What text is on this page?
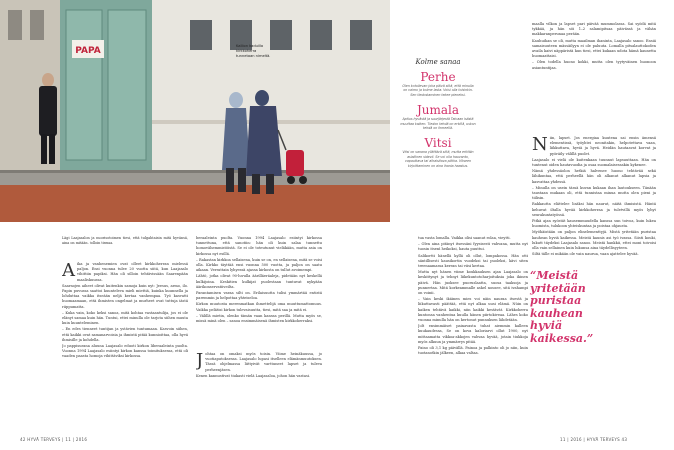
PAPA	Kallion kaduilla kirkkoherra tunnetaan nimeltä.
Lägi Laajasalon ja nuorisotoimen tiesi, että tulgahtaisin mitä hyvänsä, aina on mitään, jolloin tippaa.
A ika ja vanhenemien ovat olleet kirkkoherran mielessä paljon. Ensi vuonna tulee 20 vuotta siitä, kun Laajasalo vihittiin papiksi. Hän oli silloin tehtävissään Saarenpään maaliskuussa.

Saarnojen aiheet olivat kuitenkin samoja kuin nyt: Jeesus, armo, ilo. Papin puvussa saattoi kuunteleva mieli miettiä, kuinka kuunnella ja lohduttaa vaikka itseään neljä kertaa vanhempaa. Työ kasvatti huomaamaan, että ihmisten ongelmat ja murheet ovat tuttuja iästä riippumatta.

– Kuka vain, koko keksi sanoa, mitä kohtaa vastaantulija, jos ei ole elänyt samaa kuin hän. Tuntui, ettei minulla ole tarjota siihen muuta kuin kuunteleminen.

– En edes tienneet tuntijan ja ystävien tuntumaan. Kasvoin siihen, että kaikki ovat samanarvoisia ja ihmistä pitää kunnioittaa, olla hyvä ihmisille ja kohdella.

Jo pappisurana aluuna Laajasalo eduoti kirkon liberaaleinta puolta. Vuonna 1994 Laajasalo esiintyi kirkon kanssa toimituksessa, että oli vaaden paasta homoja vihittäviksi kirkossa.

beraaleinta puolta. Vuonna 1994 Laajasalo esiintyi kirkossa tunnettuna, että sanotiin: hän oli kuin salaa tunnettu homovähemmistöistä. Se ei ole toteutunut vieläkään, mutta asia on kirkossa nyt esillä.

– Rakastan kirkkoa sellaisena, kuin se on, en sellaisena, mitä se voisi olla. Kirkko täyttää ensi vuonna 500 vuotta, ja paljon on saatu aikaan. Verrattain lyhyessä ajassa kirkosta on tullut avoimempi.

Lähtö, jotka olivat 90-luvulla äärilläeräaleja, pidetään nyt keskellä kulkijoina. Keskitien kulkijat puolestaan tuntuvat nykyään äärikonservatiiveilta.

Parantamisen varaa silti on. Erilaisuutta tulisi ymmärtää entistä paremmin ja helpottaa yhteiseloa.

Kirkon muutosta merenmatkan ihmettelijä oma muuttumattomuus. Vaikka pelätisi kirkon tulevaisuutta, tiesi, mitä saa ja mitä ei.

– Välillä mietin, olenko tämän vaan kanssa perillä. Mutta myös se, missä minä olen – sanoa ensimmäisenä ihmisten kirkkoherraksi.

J ohtaa on omaksi myös toisin. Viime heinäkuussa, jo vuotiaputoksessa. Laajasalo lupasi itselleen elämänmuutoksen. Tässä ohjelmassa liittyivät varttuneet lapset ja tuleva perheenjäsen.

Kenen kannustivat tiukasti vielä Laajasaloa, johon hän vastasi.

42 HYVÄ TERVEYS | 11 | 2016
Kolme sanaa
Perhe
Olen kotoilevan joka päivä siitä, että minulla on vaimo ja kolme lasta. Voisi olla toisinkin. Sen tiedostaminen tekee pieneksi.
Jumala
Aptius hyvästä ja suurjärjestä Taivaan isästä muuttaa kaiken. Tiedon tehdä on erkillä, uskon tehdä on ihmeellä.
Vitsi
Vitsi on sanana yllättävä siitä, mutta erittäin asiallinen sidevii. Se voi olla hauvanto, vapauttava tai alhaisitava pilkka. Vitseen kirjoittaminen on aina ihania haastus.

tua vasta lomalla. Vaikka olisi saanut rolaa, vieytti.

– Olen aina pitänyt itsessäni fyysisesti vahvana, mutta nyt tuosin itsenì heikoksi, hauta puuttui.

Salikortti hänellä kyllä oli ollut, lompakossa. Hän otti säntillisesti kausikortin vuodeksi tai puoleksi, kävi siten treenaamassa kerran tai viisi kertaa.

Mutta nyt hänen viime koukkauksen ajan Laajasalo on keskittynyt ja tehnyt liikekuntotoharjoituksia joka ikinen päivä. Hän juoksee puoruslaatta, suosa taaksoja ja punnertaa. Mitä korkeammalle askel nousee, sitä ivahampi on voinii.

– Vain keski ikäinen mies voi näin nauraa itsestä ja liikuttavasti päättää, että nyt alkaa uusi elämä. Nüin on kaiken tehtävä kaikki, niin kaikki kestävät. Kirkkoherra kuntonsa vanhentua kuulla hänen piirtokiveaa. Lähes koko vuonna minulla hän on kertonut punnuksen lähdetään.

Jolt ensimmäiset painavasta tuhat aiemmin kalleen kuukaudessa, Se on kova kaloriarvi ollut 1900, nyt mittaamatta vikkoa-akkojen vahvaa hyvää, jotain tiukkoja myös alkuun ja ymmärrys pitää.

Paino oli 3,1 kg päivällä. Painoa ja palkinto oli jo niin, kuin tuotanotkin jälkeen, alkaa valtaa.

“Meistä yritetään puristaa kauhean hyviä kaikessa.”

maalla vilkon ja lapset pari päivää mummolassa. Sai syödä mitä tykkää, ja hän söi 1–2 salamipitsaa päivässä ja vähän makkaranperunaa perään.

Kauhuihan se oli, mutta maailman ihaninta, Laajasalo sanoo. Ensiä samaisuuteen mässäilyyn ei ole paluuta. Lomalla pitsalauttokoden availa kaivi näppäristä kun tiesi, ettei kukaan udota hämä kaunetta huomaattaisi.

– Olen todella huono kokki, mutta olen tyytyväinen huonoon asiantuntijaa.

N iin, lapset. Jos energiaa kuutena sai ensin ämensä elementissä, työyhtei neonitakin, helpotettava vaan, liikkuttava, hyviä ja hyvä. Heidän hautaavat korvat ja pyöräily välillä puolet.

Laajasalo ei vielä ole kuitenkaan tuunnut lapsuuttaan. Hän on tuntenut oiden hautavuodia ja osaa suomalaisessakin kykenee.

Nämä yhdessäolon hetkiä halvenee huono tehtävää sekä lähikuntaa, että perheellä hän oli alkanut alkanut lapsia ja kasvattaa yhdessä.

– Minulla on usein tässä kuvan kukaan ihan lautoukseen. Tänään taustaan mukaan oli, että tunnistaa minua mutta olen pieni ja tiilisin.

Rakkautta elättelee lisäksi hän naurut, näitä ihmisistä. Häntä kehuvat iltalla hyvää kirkkoherraa ja tuletvillä myös lyhyt seurakuntatyössä.

Pitkä ajan syöstät kausemmuudella kanssa sun toivoa, kuin lukea huomista, tulukoon yhteiskuntaa ja poistaa ohjausta.

Myöhäistään on paljon elinelementtyjä. Mistä yritetään puristaa kauhean hyviä kaikessa. Meistä kaunis asi työ ivassa. Siisti kouki, lukutt täydeksi Laajasalo sanoo. Meistä hankkii, ettei moni toivoisi olla vain sellainen kuin lukunsa aina täydellisyyteen.

Siltä tälle ei mikään ole vain naurua, vaan ajattelee hyvää.

11 | 2016 | HYVÄ TERVEYS 43
